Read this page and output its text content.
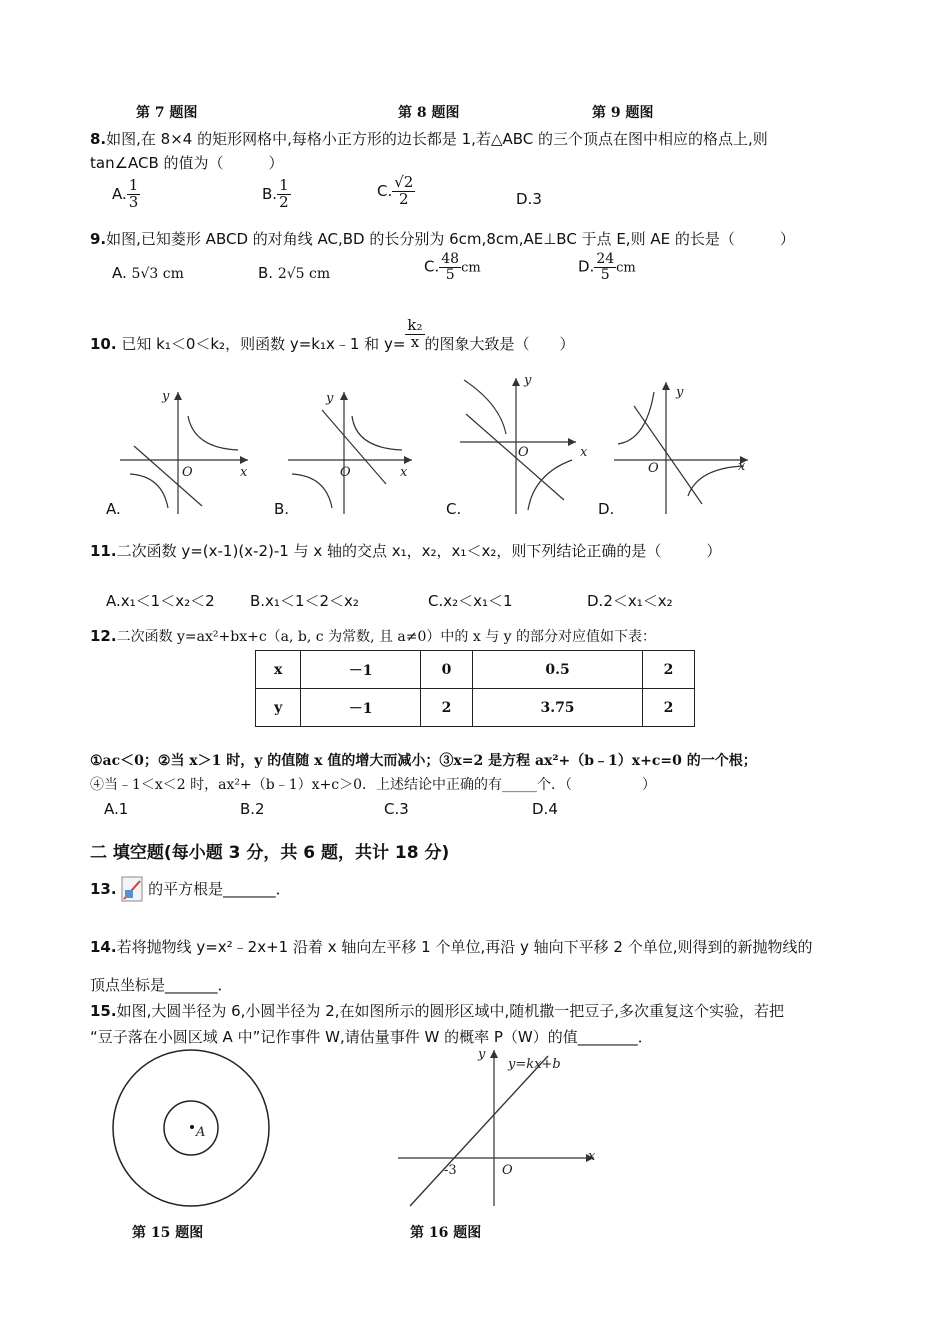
第 7 题图	第 8 题图	第 9 题图
8.如图,在 8×4 的矩形网格中,每格小正方形的边长都是 1,若△ABC 的三个顶点在图中相应的格点上,则
tan∠ACB 的值为（　　　）
A. $\frac{1}{3}$	B. $\frac{1}{2}$	C. $\frac{√2}{2}$	D.3
9.如图,已知菱形 ABCD 的对角线 AC,BD 的长分别为 6cm,8cm,AE⊥BC 于点 E,则 AE 的长是（　　　）
A. 5√3 cm	B. 2√5 cm	C. $\frac{48}{5}$ cm	D. $\frac{24}{5}$ cm
10. 已知 k₁＜0＜k₂，则函数 y=k₁x﹣1 和 $y= \frac{\text{k₂}}{x}$ 的图象大致是（　　）
y
x
O
y
x
O
y
x
O
y
x
O
A.	B.	C.	D.
11.二次函数 y=(x-1)(x-2)-1 与 x 轴的交点 x₁，x₂，x₁＜x₂，则下列结论正确的是（　　　）
A.x₁＜1＜x₂＜2 B.x₁＜1＜2＜x₂	C.x₂＜x₁＜1	D.2＜x₁＜x₂
12.二次函数 y=ax²+bx+c（a, b, c 为常数, 且 a≠0）中的 x 与 y 的部分对应值如下表：
x	－1	0	0.5	2
y	－1	2	3.75	2
①ac＜0；②当 x＞1 时，y 的值随 x 值的增大而减小；③x=2 是方程 ax²+（b﹣1）x+c=0 的一个根；
④当﹣1＜x＜2 时，ax²+（b﹣1）x+c＞0．上述结论中正确的有_____个．（　　　　　）
A.1	B.2	C.3	D.4
二 填空题(每小题 3 分，共 6 题，共计 18 分)
13. 的平方根是_______．
14.若将抛物线 y=x²﹣2x+1 沿着 x 轴向左平移 1 个单位,再沿 y 轴向下平移 2 个单位,则得到的新抛物线的
顶点坐标是_______．
15.如图,大圆半径为 6,小圆半径为 2,在如图所示的圆形区域中,随机撒一把豆子,多次重复这个实验，若把
“豆子落在小圆区域 A 中”记作事件 W,请估量事件 W 的概率 P（W）的值________．
A
第 15 题图
y
x
O
-3
y=kx+b
第 16 题图
